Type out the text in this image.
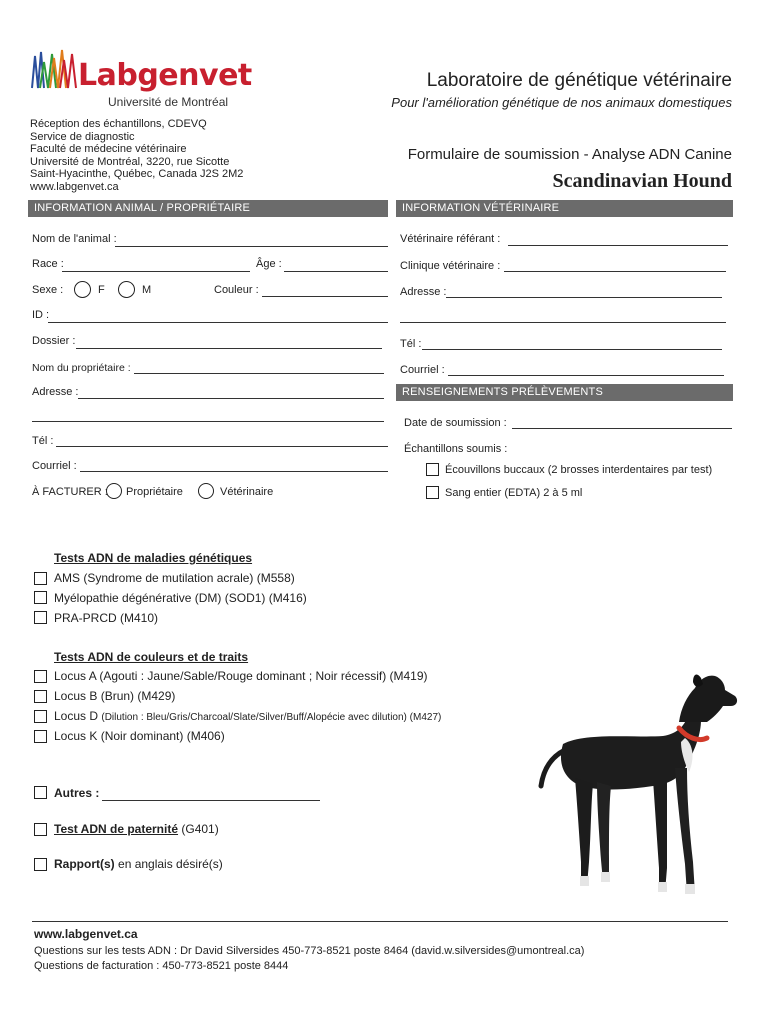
Labgenvet
Université de Montréal
Réception des échantillons, CDEVQ
Service de diagnostic
Faculté de médecine vétérinaire
Université de Montréal, 3220, rue Sicotte
Saint-Hyacinthe, Québec, Canada J2S 2M2
www.labgenvet.ca
Laboratoire de génétique vétérinaire
Pour l'amélioration génétique de nos animaux domestiques
Formulaire de soumission - Analyse ADN Canine
Scandinavian Hound
INFORMATION ANIMAL / PROPRIÉTAIRE	INFORMATION VÉTÉRINAIRE
Nom de l'animal :
Race :	Âge :
Sexe :	F	M	Couleur :
ID :
Dossier :
Nom du propriétaire :
Adresse :
Tél :
Courriel :
À FACTURER : Propriétaire	Vétérinaire
Vétérinaire référant :
Clinique vétérinaire :
Adresse :
Tél :
Courriel :
RENSEIGNEMENTS PRÉLÈVEMENTS
Date de soumission :
Échantillons soumis :
Écouvillons buccaux (2 brosses interdentaires par test)
Sang entier (EDTA) 2 à 5 ml
Tests ADN de maladies génétiques
AMS (Syndrome de mutilation acrale) (M558)
Myélopathie dégénérative (DM) (SOD1) (M416)
PRA-PRCD (M410)
Tests ADN de couleurs et de traits
Locus A (Agouti : Jaune/Sable/Rouge dominant ; Noir récessif) (M419)
Locus B (Brun) (M429)
Locus D (Dilution : Bleu/Gris/Charcoal/Slate/Silver/Buff/Alopécie avec dilution) (M427)
Locus K (Noir dominant) (M406)
Autres :
Test ADN de paternité (G401)
Rapport(s) en anglais désiré(s)
www.labgenvet.ca
Questions sur les tests ADN : Dr David Silversides 450-773-8521 poste 8464 (david.w.silversides@umontreal.ca)
Questions de facturation : 450-773-8521 poste 8444
